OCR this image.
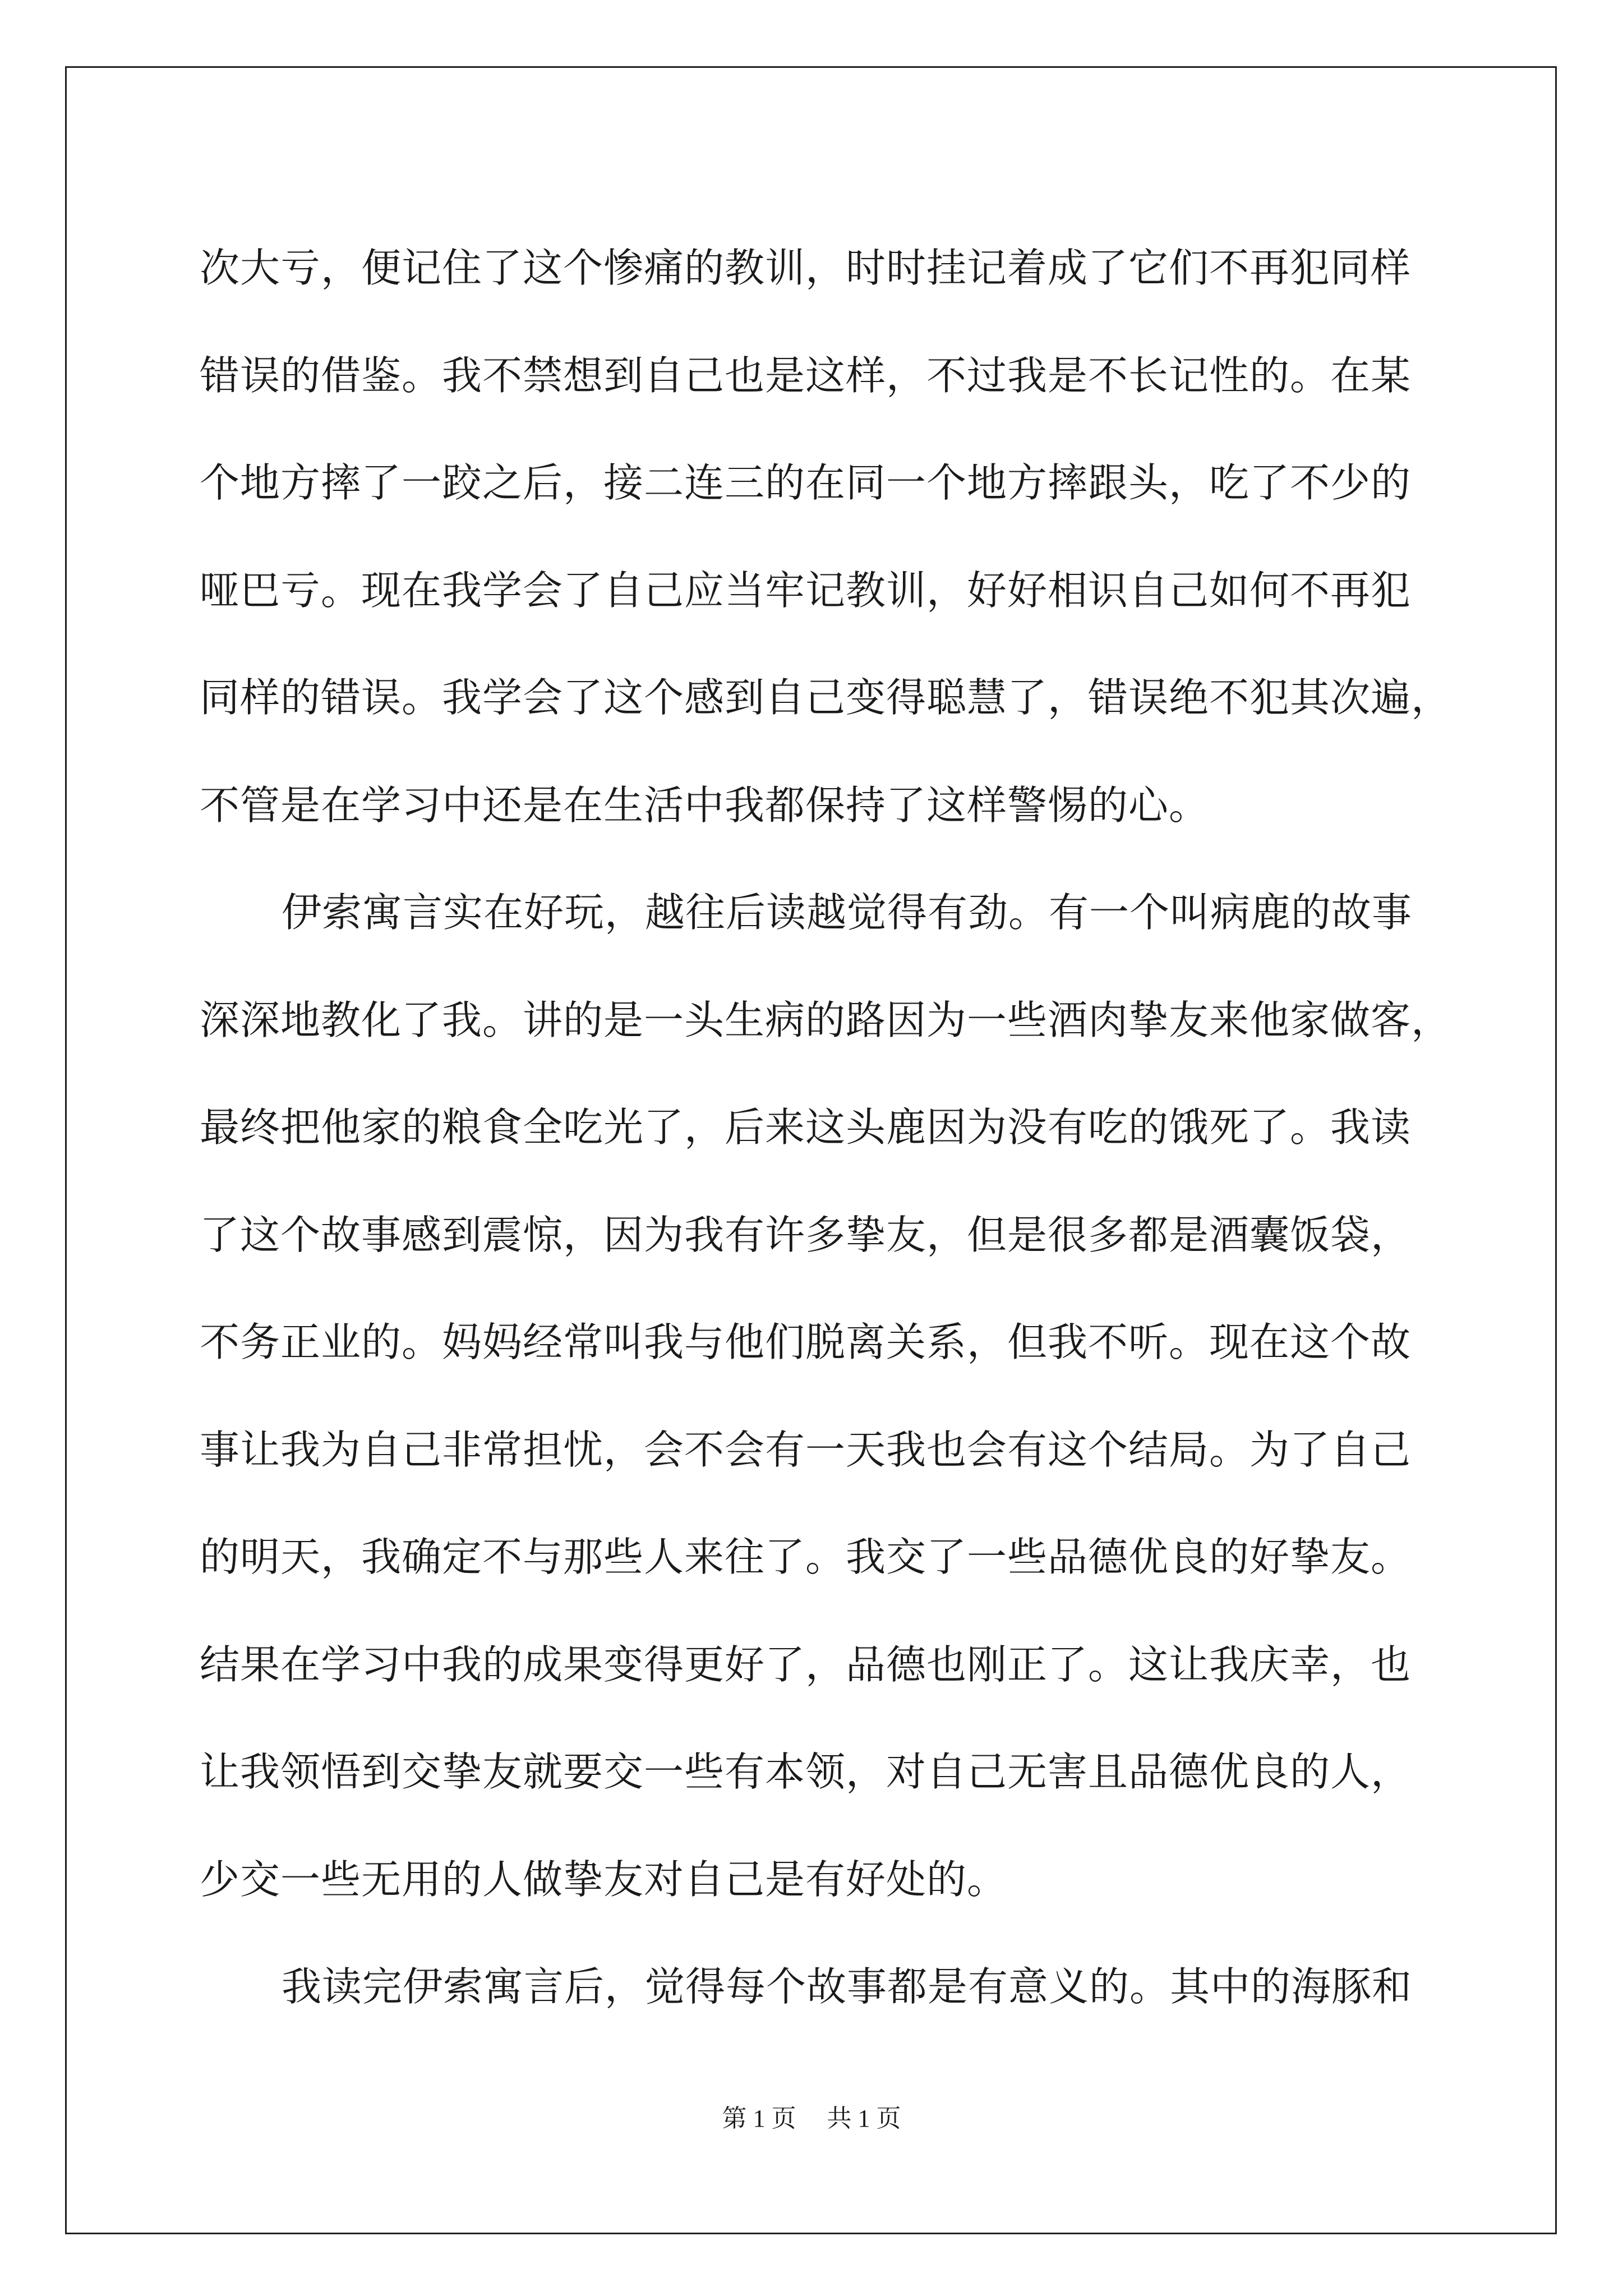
次大亏，便记住了这个惨痛的教训，时时挂记着成了它们不再犯同样
错误的借鉴。我不禁想到自己也是这样，不过我是不长记性的。在某
个地方摔了一跤之后，接二连三的在同一个地方摔跟头，吃了不少的
哑巴亏。现在我学会了自己应当牢记教训，好好相识自己如何不再犯
同样的错误。我学会了这个感到自己变得聪慧了，错误绝不犯其次遍，
不管是在学习中还是在生活中我都保持了这样警惕的心。
伊索寓言实在好玩，越往后读越觉得有劲。有一个叫病鹿的故事
深深地教化了我。讲的是一头生病的路因为一些酒肉挚友来他家做客，
最终把他家的粮食全吃光了，后来这头鹿因为没有吃的饿死了。我读
了这个故事感到震惊，因为我有许多挚友，但是很多都是酒囊饭袋，
不务正业的。妈妈经常叫我与他们脱离关系，但我不听。现在这个故
事让我为自己非常担忧，会不会有一天我也会有这个结局。为了自己
的明天，我确定不与那些人来往了。我交了一些品德优良的好挚友。
结果在学习中我的成果变得更好了，品德也刚正了。这让我庆幸，也
让我领悟到交挚友就要交一些有本领，对自己无害且品德优良的人，
少交一些无用的人做挚友对自己是有好处的。
我读完伊索寓言后，觉得每个故事都是有意义的。其中的海豚和
第 1 页　 共 1 页
